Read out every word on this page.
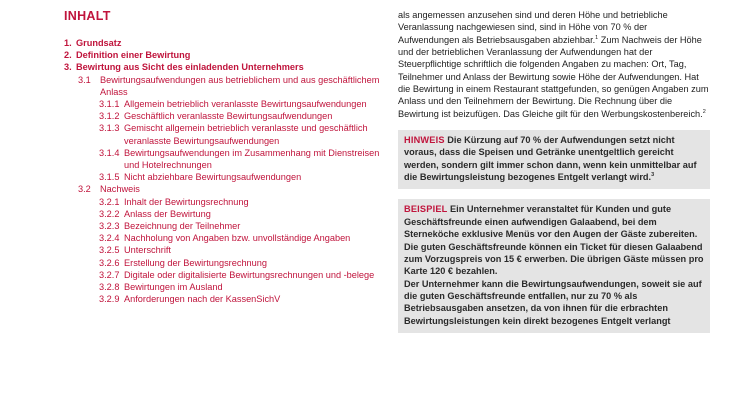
INHALT
1. Grundsatz
2. Definition einer Bewirtung
3. Bewirtung aus Sicht des einladenden Unternehmers
3.1 Bewirtungsaufwendungen aus betrieblichem und aus geschäftlichem Anlass
3.1.1 Allgemein betrieblich veranlasste Bewirtungsaufwendungen
3.1.2 Geschäftlich veranlasste Bewirtungsaufwendungen
3.1.3 Gemischt allgemein betrieblich veranlasste und geschäftlich veranlasste Bewirtungsaufwendungen
3.1.4 Bewirtungsaufwendungen im Zusammenhang mit Dienstreisen und Hotelrechnungen
3.1.5 Nicht abziehbare Bewirtungsaufwendungen
3.2 Nachweis
3.2.1 Inhalt der Bewirtungsrechnung
3.2.2 Anlass der Bewirtung
3.2.3 Bezeichnung der Teilnehmer
3.2.4 Nachholung von Angaben bzw. unvollständige Angaben
3.2.5 Unterschrift
3.2.6 Erstellung der Bewirtungsrechnung
3.2.7 Digitale oder digitalisierte Bewirtungsrechnungen und -belege
3.2.8 Bewirtungen im Ausland
3.2.9 Anforderungen nach der KassenSichV

als angemessen anzusehen sind und deren Höhe und betriebliche Veranlassung nachgewiesen sind, sind in Höhe von 70 % der Aufwendungen als Betriebsausgaben abziehbar.$^1$ Zum Nachweis der Höhe und der betrieblichen Veranlassung der Aufwendungen hat der Steuerpflichtige schriftlich die folgenden Angaben zu machen: Ort, Tag, Teilnehmer und Anlass der Bewirtung sowie Höhe der Aufwendungen. Hat die Bewirtung in einem Restaurant stattgefunden, so genügen Angaben zum Anlass und den Teilnehmern der Bewirtung. Die Rechnung über die Bewirtung ist beizufügen. Das Gleiche gilt für den Werbungskostenbereich.$^2$

HINWEIS Die Kürzung auf 70 % der Aufwendungen setzt nicht voraus, dass die Speisen und Getränke unentgeltlich gereicht werden, sondern gilt immer schon dann, wenn kein unmittelbar auf die Bewirtungsleistung bezogenes Entgelt verlangt wird.$^3$
BEISPIEL Ein Unternehmer veranstaltet für Kunden und gute Geschäftsfreunde einen aufwendigen Galaabend, bei dem Sterneköche exklusive Menüs vor den Augen der Gäste zubereiten. Die guten Geschäftsfreunde können ein Ticket für diesen Galaabend zum Vorzugspreis von 15 € erwerben. Die übrigen Gäste müssen pro Karte 120 € bezahlen.
Der Unternehmer kann die Bewirtungsaufwendungen, soweit sie auf die guten Geschäftsfreunde entfallen, nur zu 70 % als Betriebsausgaben ansetzen, da von ihnen für die erbrachten Bewirtungsleistungen kein direkt bezogenes Entgelt verlangt
